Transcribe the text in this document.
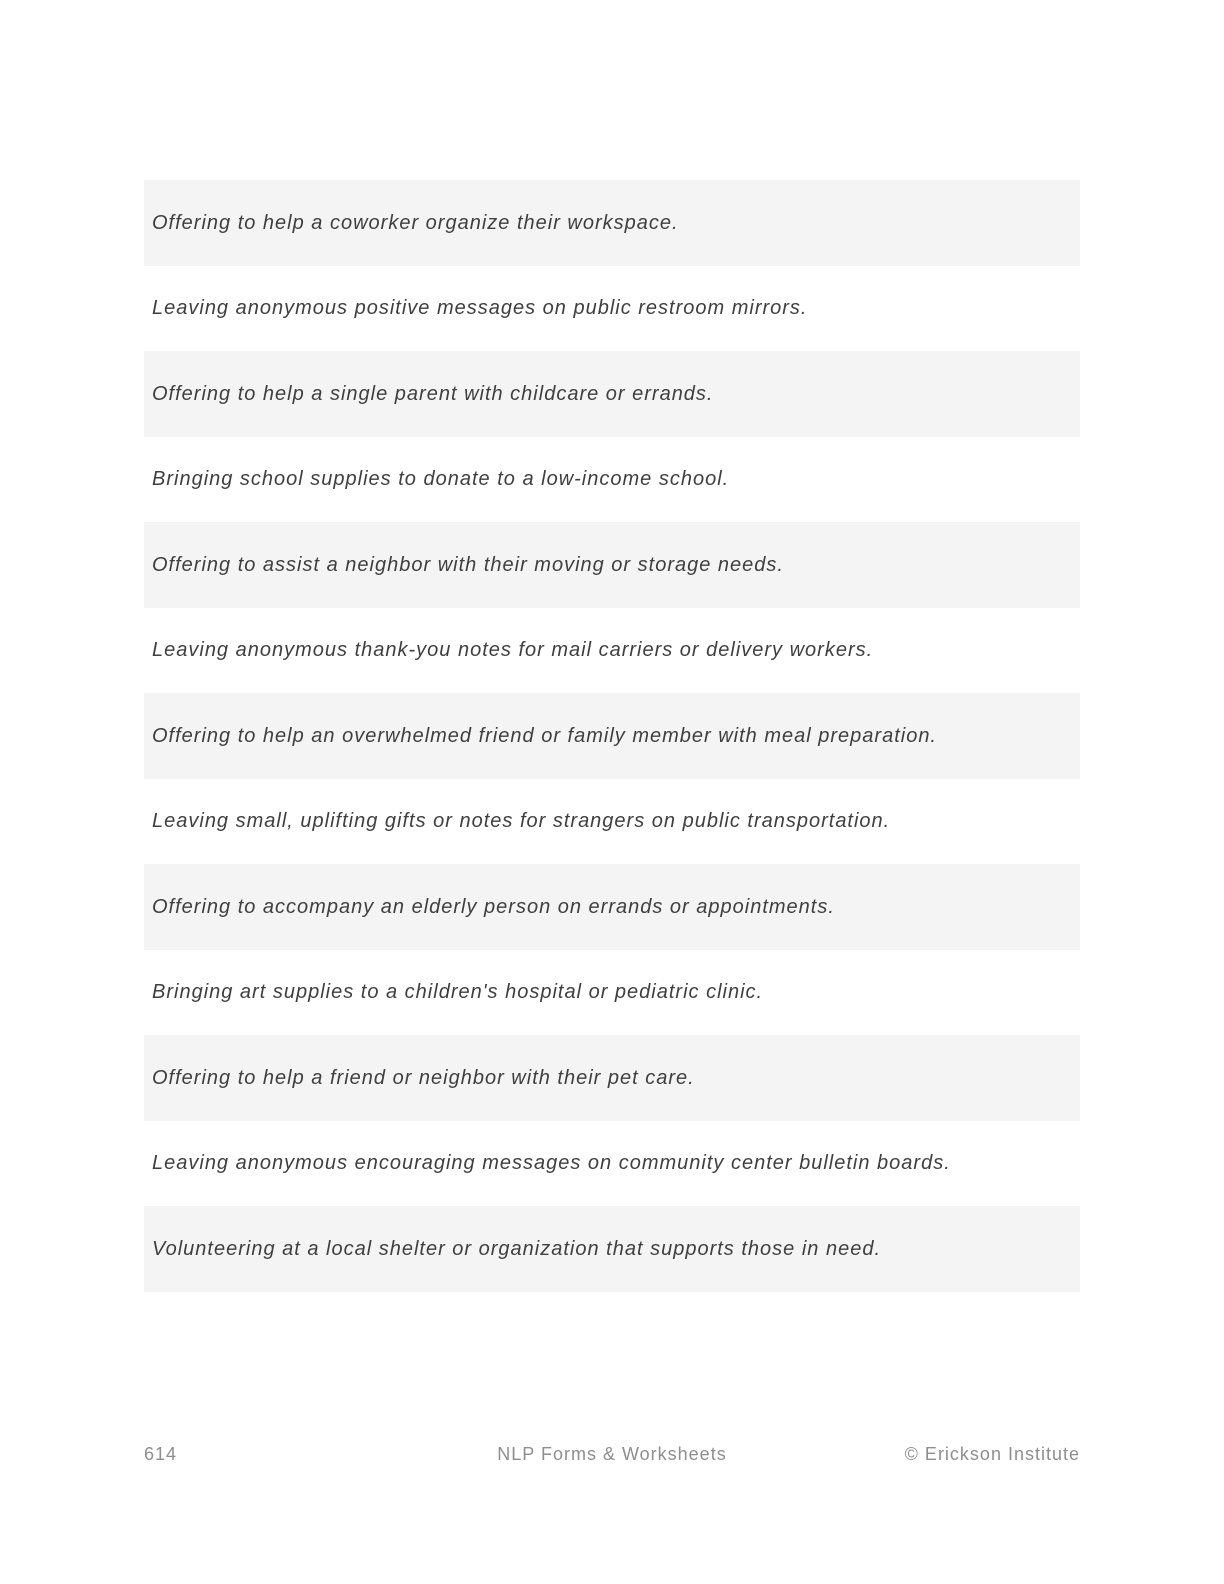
Offering to help a coworker organize their workspace.
Leaving anonymous positive messages on public restroom mirrors.
Offering to help a single parent with childcare or errands.
Bringing school supplies to donate to a low-income school.
Offering to assist a neighbor with their moving or storage needs.
Leaving anonymous thank-you notes for mail carriers or delivery workers.
Offering to help an overwhelmed friend or family member with meal preparation.
Leaving small, uplifting gifts or notes for strangers on public transportation.
Offering to accompany an elderly person on errands or appointments.
Bringing art supplies to a children's hospital or pediatric clinic.
Offering to help a friend or neighbor with their pet care.
Leaving anonymous encouraging messages on community center bulletin boards.
Volunteering at a local shelter or organization that supports those in need.
614	NLP Forms & Worksheets	© Erickson Institute
